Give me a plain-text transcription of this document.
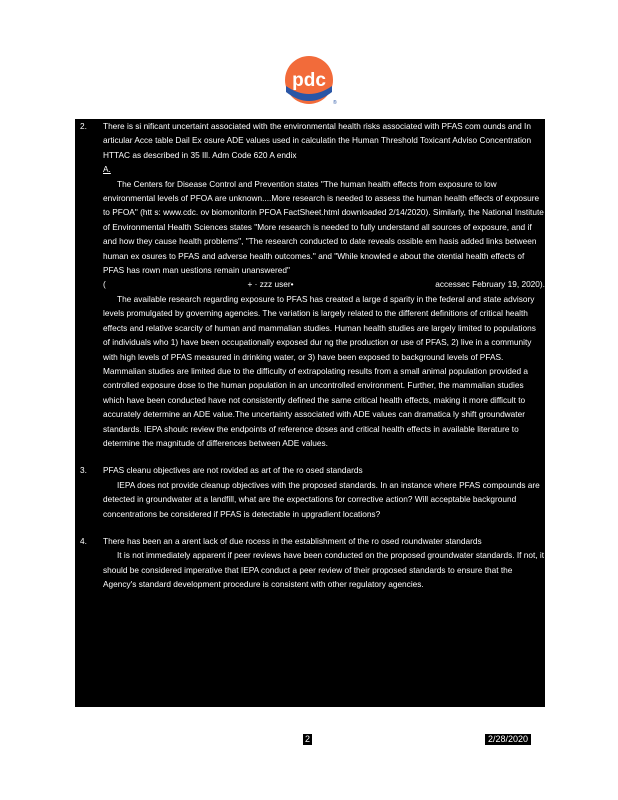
pdc
®
2. There is si nificant uncertaint associated with the environmental health risks associated with PFAS com ounds and In articular Acce table Dail Ex osure ADE values used in calculatin the Human Threshold Toxicant Adviso Concentration HTTAC as described in 35 Ill. Adm Code 620 A endix
A.

The Centers for Disease Control and Prevention states "The human health effects from exposure to low environmental levels of PFOA are unknown....More research is needed to assess the human health effects of exposure to PFOA" (htt s: www.cdc. ov biomonitorin PFOA FactSheet.html downloaded 2/14/2020). Similarly, the National Institute of Environmental Health Sciences states "More research is needed to fully understand all sources of exposure, and if and how they cause health problems", "The research conducted to date reveals ossible em hasis added links between human ex osures to PFAS and adverse health outcomes." and "While knowled e about the otential health effects of PFAS has rown man uestions remain unanswered"

(	+ · zzz user•	accessec February 19, 2020).

The available research regarding exposure to PFAS has created a large d sparity in the federal and state advisory levels promulgated by governing agencies. The variation is largely related to the different definitions of critical health effects and relative scarcity of human and mammalian studies. Human health studies are largely limited to populations of individuals who 1) have been occupationally exposed dur ng the production or use of PFAS, 2) live in a community with high levels of PFAS measured in drinking water, or 3) have been exposed to background levels of PFAS. Mammalian studies are limited due to the difficulty of extrapolating results from a small animal population provided a controlled exposure dose to the human population in an uncontrolled environment. Further, the mammalian studies which have been conducted have not consistently defined the same critical health effects, making it more difficult to accurately determine an ADE value.The uncertainty associated with ADE values can dramatica ly shift groundwater standards. IEPA shoulc review the endpoints of reference doses and critical health effects in available literature to determine the magnitude of differences between ADE values.

3. PFAS cleanu objectives are not rovided as art of the ro osed standards

IEPA does not provide cleanup objectives with the proposed standards. In an instance where PFAS compounds are detected in groundwater at a landfill, what are the expectations for corrective action? Will acceptable background concentrations be considered if PFAS is detectable in upgradient locations?

4. There has been an a arent lack of due rocess in the establishment of the ro osed roundwater standards

It is not immediately apparent if peer reviews have been conducted on the proposed groundwater standards. If not, it should be considered imperative that IEPA conduct a peer review of their proposed standards to ensure that the Agency's standard development procedure is consistent with other regulatory agencies.

2	2/28/2020
